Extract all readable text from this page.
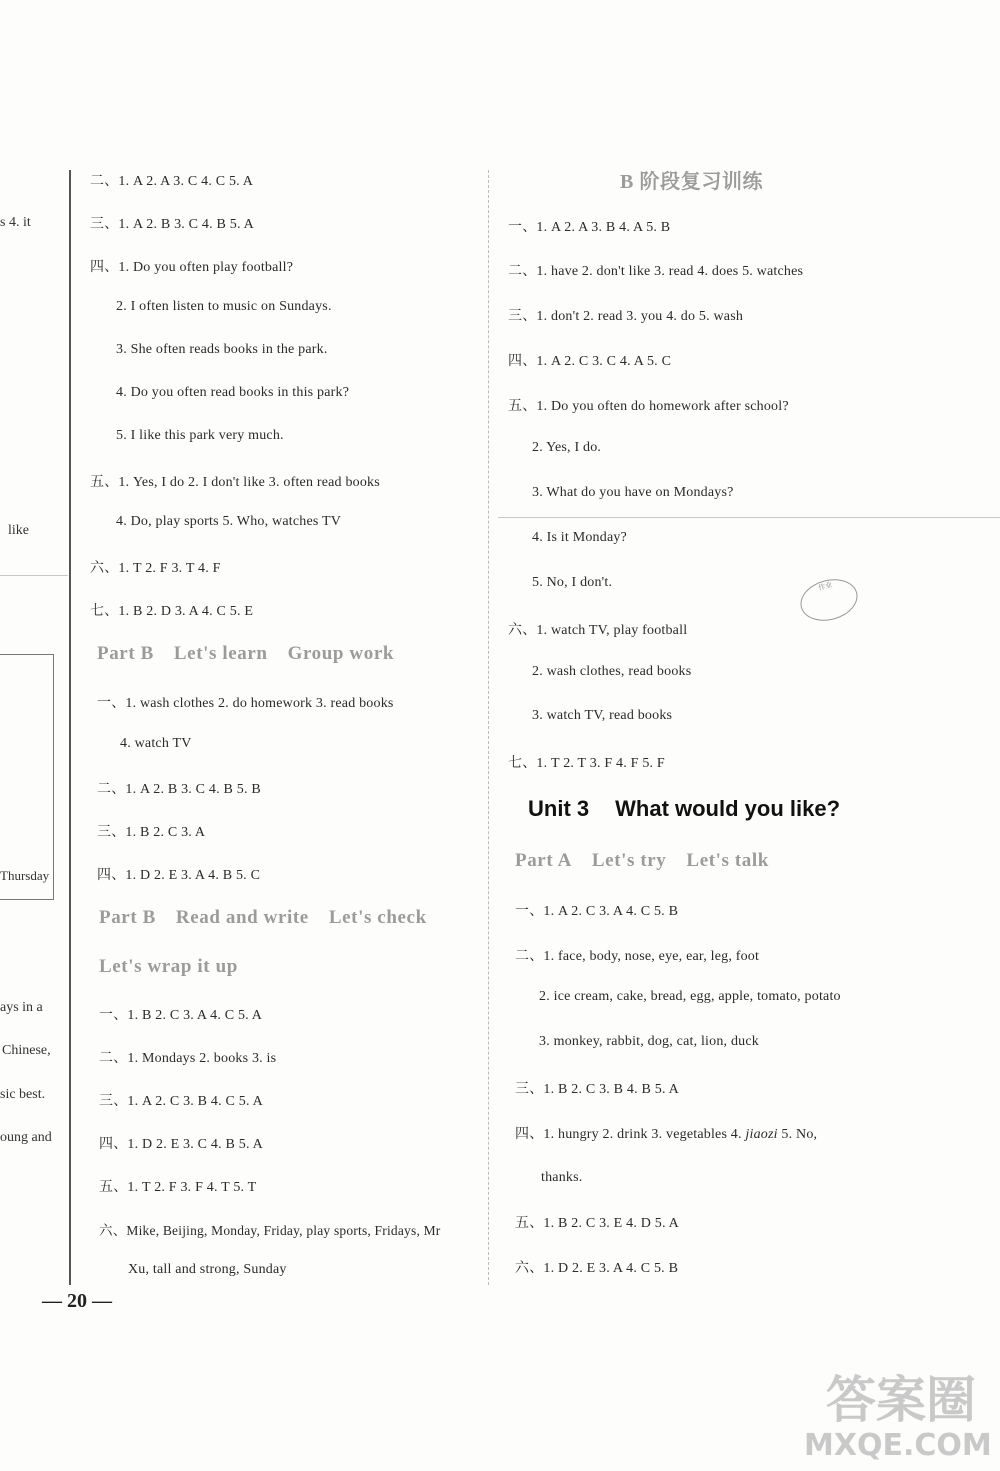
s 4. it
like
Thursday
ays in a
Chinese,
sic best.
oung and
二、1. A 2. A 3. C 4. C 5. A
三、1. A 2. B 3. C 4. B 5. A
四、1. Do you often play football?
2. I often listen to music on Sundays.
3. She often reads books in the park.
4. Do you often read books in this park?
5. I like this park very much.
五、1. Yes, I do 2. I don't like 3. often read books
4. Do, play sports 5. Who, watches TV
六、1. T 2. F 3. T 4. F
七、1. B 2. D 3. A 4. C 5. E
Part B Let's learn Group work
一、1. wash clothes 2. do homework 3. read books
4. watch TV
二、1. A 2. B 3. C 4. B 5. B
三、1. B 2. C 3. A
四、1. D 2. E 3. A 4. B 5. C
Part B Read and write Let's check
Let's wrap it up
一、1. B 2. C 3. A 4. C 5. A
二、1. Mondays 2. books 3. is
三、1. A 2. C 3. B 4. C 5. A
四、1. D 2. E 3. C 4. B 5. A
五、1. T 2. F 3. F 4. T 5. T
六、Mike, Beijing, Monday, Friday, play sports, Fridays, Mr
Xu, tall and strong, Sunday
— 20 —
B 阶段复习训练
一、1. A 2. A 3. B 4. A 5. B
二、1. have 2. don't like 3. read 4. does 5. watches
三、1. don't 2. read 3. you 4. do 5. wash
四、1. A 2. C 3. C 4. A 5. C
五、1. Do you often do homework after school?
2. Yes, I do.
3. What do you have on Mondays?
4. Is it Monday?
5. No, I don't.
六、1. watch TV, play football
2. wash clothes, read books
3. watch TV, read books
七、1. T 2. T 3. F 4. F 5. F
作业
Unit 3 What would you like?
Part A Let's try Let's talk
一、1. A 2. C 3. A 4. C 5. B
二、1. face, body, nose, eye, ear, leg, foot
2. ice cream, cake, bread, egg, apple, tomato, potato
3. monkey, rabbit, dog, cat, lion, duck
三、1. B 2. C 3. B 4. B 5. A
四、1. hungry 2. drink 3. vegetables 4. jiaozi 5. No,
thanks.
五、1. B 2. C 3. E 4. D 5. A
六、1. D 2. E 3. A 4. C 5. B
答案圈
MXQE.COM
